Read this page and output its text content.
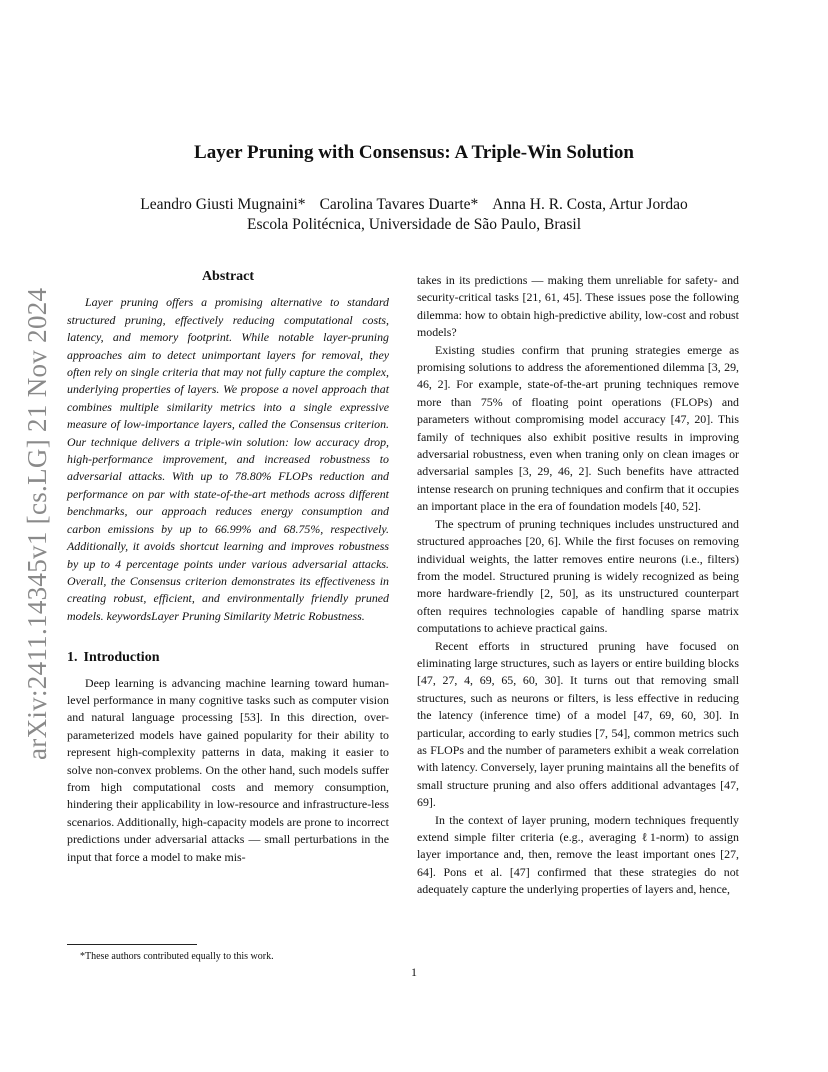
arXiv:2411.14345v1 [cs.LG] 21 Nov 2024
Layer Pruning with Consensus: A Triple-Win Solution
Leandro Giusti Mugnaini* Carolina Tavares Duarte* Anna H. R. Costa, Artur Jordao
Escola Politécnica, Universidade de São Paulo, Brasil
Abstract

Layer pruning offers a promising alternative to standard structured pruning, effectively reducing computational costs, latency, and memory footprint. While notable layer-pruning approaches aim to detect unimportant layers for removal, they often rely on single criteria that may not fully capture the complex, underlying properties of layers. We propose a novel approach that combines multiple similarity metrics into a single expressive measure of low-importance layers, called the Consensus criterion. Our technique delivers a triple-win solution: low accuracy drop, high-performance improvement, and increased robustness to adversarial attacks. With up to 78.80% FLOPs reduction and performance on par with state-of-the-art methods across different benchmarks, our approach reduces energy consumption and carbon emissions by up to 66.99% and 68.75%, respectively. Additionally, it avoids shortcut learning and improves robustness by up to 4 percentage points under various adversarial attacks. Overall, the Consensus criterion demonstrates its effectiveness in creating robust, efficient, and environmentally friendly pruned models. keywordsLayer Pruning Similarity Metric Robustness.

1. Introduction

Deep learning is advancing machine learning toward human-level performance in many cognitive tasks such as computer vision and natural language processing [53]. In this direction, over-parameterized models have gained popularity for their ability to represent high-complexity patterns in data, making it easier to solve non-convex problems. On the other hand, such models suffer from high computational costs and memory consumption, hindering their applicability in low-resource and infrastructure-less scenarios. Additionally, high-capacity models are prone to incorrect predictions under adversarial attacks — small perturbations in the input that force a model to make mis-

takes in its predictions — making them unreliable for safety- and security-critical tasks [21, 61, 45]. These issues pose the following dilemma: how to obtain high-predictive ability, low-cost and robust models?

Existing studies confirm that pruning strategies emerge as promising solutions to address the aforementioned dilemma [3, 29, 46, 2]. For example, state-of-the-art pruning techniques remove more than 75% of floating point operations (FLOPs) and parameters without compromising model accuracy [47, 20]. This family of techniques also exhibit positive results in improving adversarial robustness, even when traning only on clean images or adversarial samples [3, 29, 46, 2]. Such benefits have attracted intense research on pruning techniques and confirm that it occupies an important place in the era of foundation models [40, 52].

The spectrum of pruning techniques includes unstructured and structured approaches [20, 6]. While the first focuses on removing individual weights, the latter removes entire neurons (i.e., filters) from the model. Structured pruning is widely recognized as being more hardware-friendly [2, 50], as its unstructured counterpart often requires technologies capable of handling sparse matrix computations to achieve practical gains.

Recent efforts in structured pruning have focused on eliminating large structures, such as layers or entire building blocks [47, 27, 4, 69, 65, 60, 30]. It turns out that removing small structures, such as neurons or filters, is less effective in reducing the latency (inference time) of a model [47, 69, 60, 30]. In particular, according to early studies [7, 54], common metrics such as FLOPs and the number of parameters exhibit a weak correlation with latency. Conversely, layer pruning maintains all the benefits of small structure pruning and also offers additional advantages [47, 69].

In the context of layer pruning, modern techniques frequently extend simple filter criteria (e.g., averaging ℓ1-norm) to assign layer importance and, then, remove the least important ones [27, 64]. Pons et al. [47] confirmed that these strategies do not adequately capture the underlying properties of layers and, hence,

*These authors contributed equally to this work.
1
